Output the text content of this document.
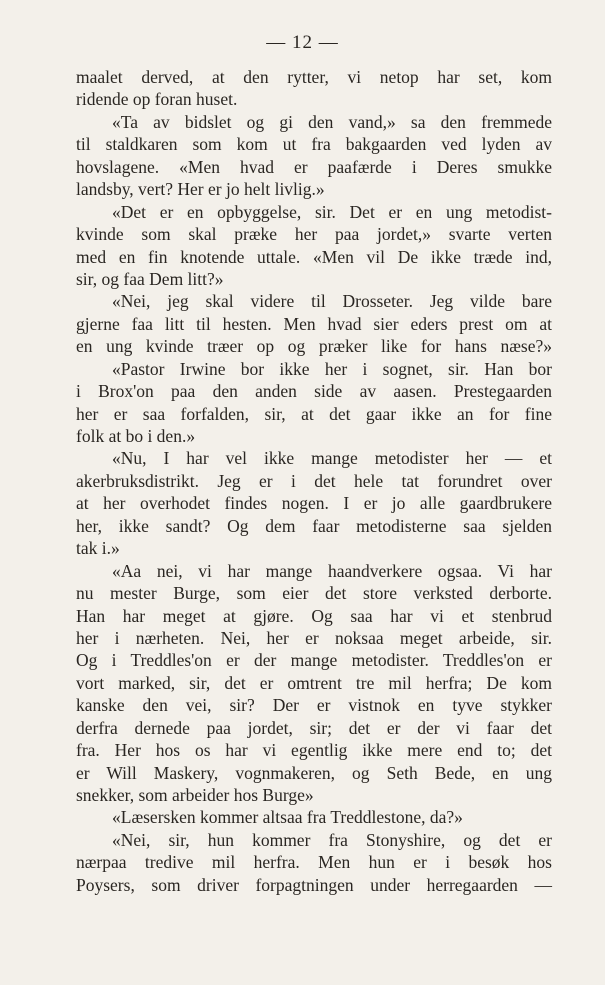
— 12 —
maalet derved, at den rytter, vi netop har set, kom
ridende op foran huset.
«Ta av bidslet og gi den vand,» sa den fremmede
til staldkaren som kom ut fra bakgaarden ved lyden av
hovslagene. «Men hvad er paafærde i Deres smukke
landsby, vert? Her er jo helt livlig.»
«Det er en opbyggelse, sir. Det er en ung metodist-
kvinde som skal præke her paa jordet,» svarte verten
med en fin knotende uttale. «Men vil De ikke træde ind,
sir, og faa Dem litt?»
«Nei, jeg skal videre til Drosseter. Jeg vilde bare
gjerne faa litt til hesten. Men hvad sier eders prest om at
en ung kvinde træer op og præker like for hans næse?»
«Pastor Irwine bor ikke her i sognet, sir. Han bor
i Brox'on paa den anden side av aasen. Prestegaarden
her er saa forfalden, sir, at det gaar ikke an for fine
folk at bo i den.»
«Nu, I har vel ikke mange metodister her — et
akerbruksdistrikt. Jeg er i det hele tat forundret over
at her overhodet findes nogen. I er jo alle gaardbrukere
her, ikke sandt? Og dem faar metodisterne saa sjelden
tak i.»
«Aa nei, vi har mange haandverkere ogsaa. Vi har
nu mester Burge, som eier det store verksted derborte.
Han har meget at gjøre. Og saa har vi et stenbrud
her i nærheten. Nei, her er noksaa meget arbeide, sir.
Og i Treddles'on er der mange metodister. Treddles'on er
vort marked, sir, det er omtrent tre mil herfra; De kom
kanske den vei, sir? Der er vistnok en tyve stykker
derfra dernede paa jordet, sir; det er der vi faar det
fra. Her hos os har vi egentlig ikke mere end to; det
er Will Maskery, vognmakeren, og Seth Bede, en ung
snekker, som arbeider hos Burge»
«Læsersken kommer altsaa fra Treddlestone, da?»
«Nei, sir, hun kommer fra Stonyshire, og det er
nærpaa tredive mil herfra. Men hun er i besøk hos
Poysers, som driver forpagtningen under herregaarden —
